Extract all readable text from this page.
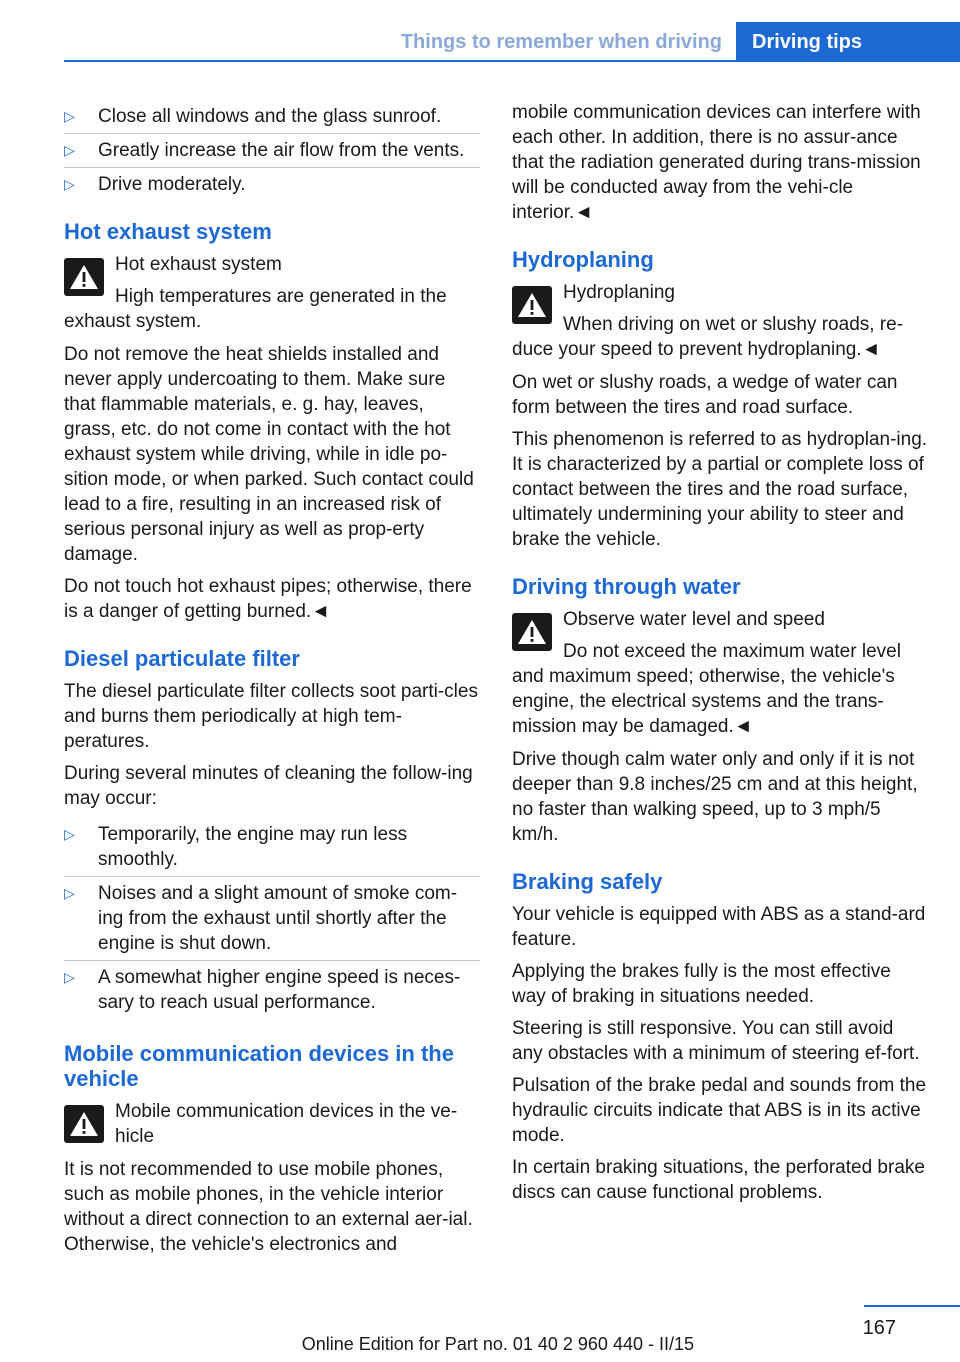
Things to remember when driving	Driving tips
▷ Close all windows and the glass sunroof.
▷ Greatly increase the air flow from the vents.
▷ Drive moderately.
Hot exhaust system
Hot exhaust system
High temperatures are generated in the exhaust system.

Do not remove the heat shields installed and never apply undercoating to them. Make sure that flammable materials, e. g. hay, leaves, grass, etc. do not come in contact with the hot exhaust system while driving, while in idle po-sition mode, or when parked. Such contact could lead to a fire, resulting in an increased risk of serious personal injury as well as prop-erty damage.

Do not touch hot exhaust pipes; otherwise, there is a danger of getting burned.◄

Diesel particulate filter

The diesel particulate filter collects soot parti-cles and burns them periodically at high tem-peratures.

During several minutes of cleaning the follow-ing may occur:

▷ Temporarily, the engine may run less smoothly.
▷ Noises and a slight amount of smoke com-ing from the exhaust until shortly after the engine is shut down.
▷ A somewhat higher engine speed is neces-sary to reach usual performance.
Mobile communication devices in the vehicle
Mobile communication devices in the ve-hicle

It is not recommended to use mobile phones, such as mobile phones, in the vehicle interior without a direct connection to an external aer-ial. Otherwise, the vehicle's electronics and

mobile communication devices can interfere with each other. In addition, there is no assur-ance that the radiation generated during trans-mission will be conducted away from the vehi-cle interior.◄

Hydroplaning
Hydroplaning
When driving on wet or slushy roads, re-duce your speed to prevent hydroplaning.◄

On wet or slushy roads, a wedge of water can form between the tires and road surface.

This phenomenon is referred to as hydroplan-ing. It is characterized by a partial or complete loss of contact between the tires and the road surface, ultimately undermining your ability to steer and brake the vehicle.

Driving through water
Observe water level and speed
Do not exceed the maximum water level and maximum speed; otherwise, the vehicle's engine, the electrical systems and the trans-mission may be damaged.◄

Drive though calm water only and only if it is not deeper than 9.8 inches/25 cm and at this height, no faster than walking speed, up to 3 mph/5 km/h.

Braking safely

Your vehicle is equipped with ABS as a stand-ard feature.

Applying the brakes fully is the most effective way of braking in situations needed.

Steering is still responsive. You can still avoid any obstacles with a minimum of steering ef-fort.

Pulsation of the brake pedal and sounds from the hydraulic circuits indicate that ABS is in its active mode.

In certain braking situations, the perforated brake discs can cause functional problems.

167
Online Edition for Part no. 01 40 2 960 440 - II/15
